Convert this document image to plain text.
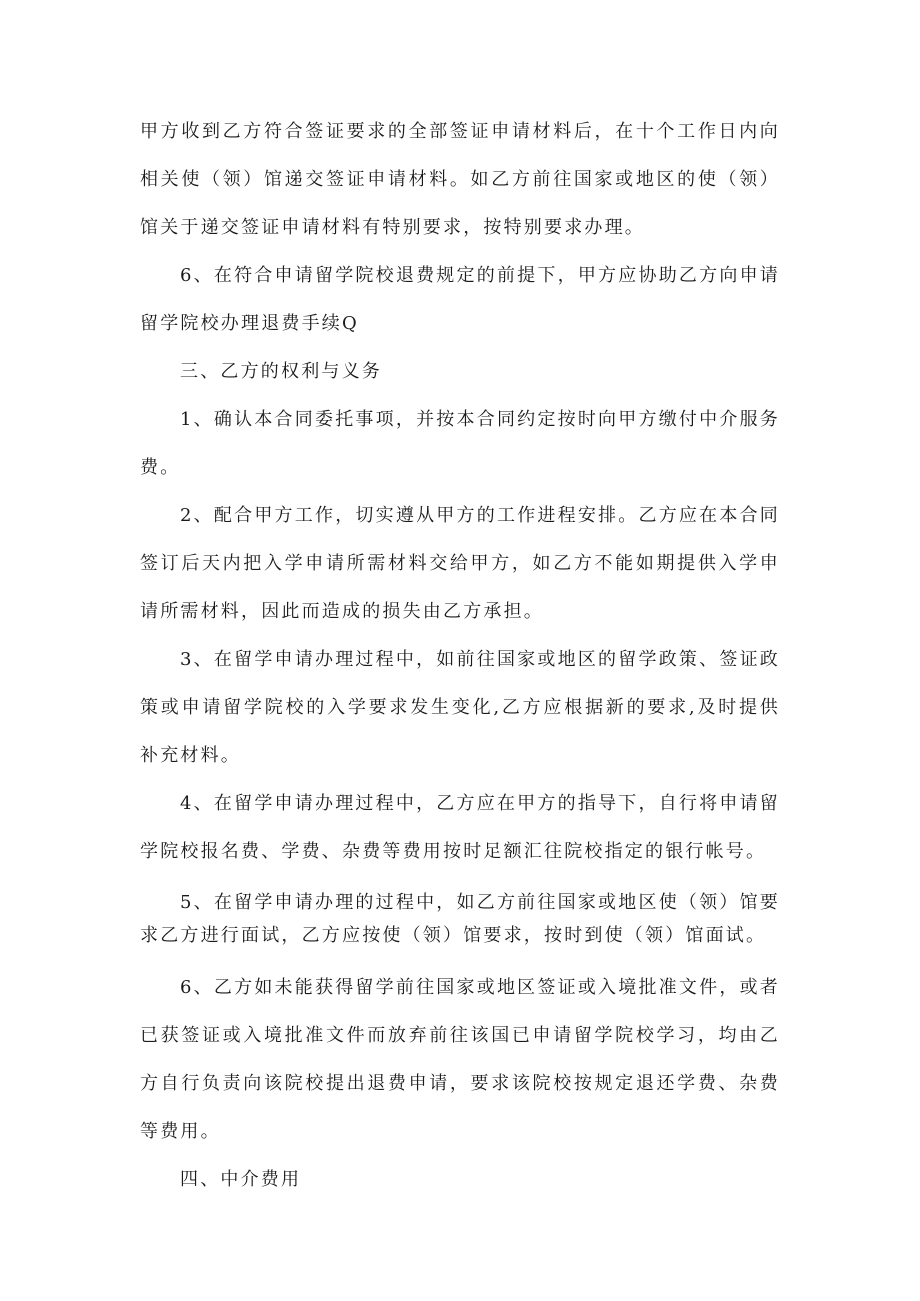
甲方收到乙方符合签证要求的全部签证申请材料后，在十个工作日内向相关使（领）馆递交签证申请材料。如乙方前往国家或地区的使（领）馆关于递交签证申请材料有特别要求，按特别要求办理。

6、在符合申请留学院校退费规定的前提下，甲方应协助乙方向申请留学院校办理退费手续Q

三、乙方的权利与义务

1、确认本合同委托事项，并按本合同约定按时向甲方缴付中介服务费。

2、配合甲方工作，切实遵从甲方的工作进程安排。乙方应在本合同签订后天内把入学申请所需材料交给甲方，如乙方不能如期提供入学申请所需材料，因此而造成的损失由乙方承担。

3、在留学申请办理过程中，如前往国家或地区的留学政策、签证政策或申请留学院校的入学要求发生变化,乙方应根据新的要求,及时提供补充材料。

4、在留学申请办理过程中，乙方应在甲方的指导下，自行将申请留学院校报名费、学费、杂费等费用按时足额汇往院校指定的银行帐号。

5、在留学申请办理的过程中，如乙方前往国家或地区使（领）馆要求乙方进行面试，乙方应按使（领）馆要求，按时到使（领）馆面试。

6、乙方如未能获得留学前往国家或地区签证或入境批准文件，或者已获签证或入境批准文件而放弃前往该国已申请留学院校学习，均由乙方自行负责向该院校提出退费申请，要求该院校按规定退还学费、杂费等费用。

四、中介费用
